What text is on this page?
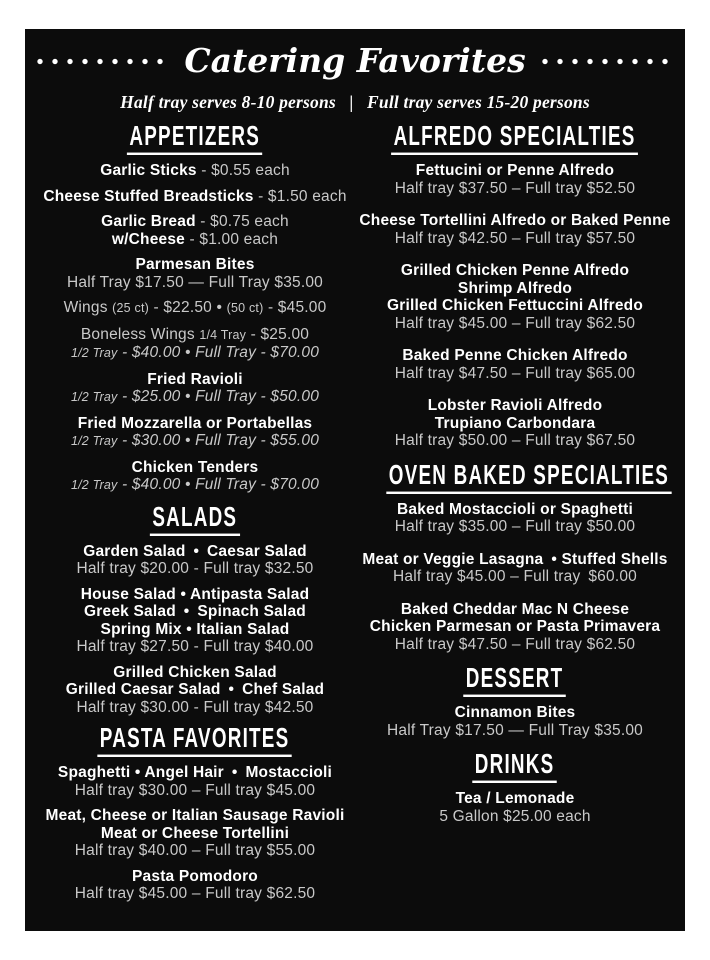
Catering Favorites
Half tray serves 8-10 persons  |  Full tray serves 15-20 persons
APPETIZERS
Garlic Sticks - $0.55 each
Cheese Stuffed Breadsticks - $1.50 each
Garlic Bread - $0.75 each
w/Cheese - $1.00 each
Parmesan Bites
Half Tray $17.50 — Full Tray $35.00
Wings (25 ct) - $22.50 • (50 ct) - $45.00
Boneless Wings 1/4 Tray - $25.00
1/2 Tray - $40.00 • Full Tray - $70.00
Fried Ravioli
1/2 Tray - $25.00 • Full Tray - $50.00
Fried Mozzarella or Portabellas
1/2 Tray - $30.00 • Full Tray - $55.00
Chicken Tenders
1/2 Tray - $40.00 • Full Tray - $70.00
SALADS
Garden Salad • Caesar Salad
Half tray $20.00 - Full tray $32.50
House Salad • Antipasta Salad
Greek Salad • Spinach Salad
Spring Mix • Italian Salad
Half tray $27.50 - Full tray $40.00
Grilled Chicken Salad
Grilled Caesar Salad • Chef Salad
Half tray $30.00 - Full tray $42.50
PASTA FAVORITES
Spaghetti • Angel Hair • Mostaccioli
Half tray $30.00 – Full tray $45.00
Meat, Cheese or Italian Sausage Ravioli
Meat or Cheese Tortellini
Half tray $40.00 – Full tray $55.00
Pasta Pomodoro
Half tray $45.00 – Full tray $62.50
ALFREDO SPECIALTIES
Fettucini or Penne Alfredo
Half tray $37.50 – Full tray $52.50
Cheese Tortellini Alfredo or Baked Penne
Half tray $42.50 – Full tray $57.50
Grilled Chicken Penne Alfredo
Shrimp Alfredo
Grilled Chicken Fettuccini Alfredo
Half tray $45.00 – Full tray $62.50
Baked Penne Chicken Alfredo
Half tray $47.50 – Full tray $65.00
Lobster Ravioli Alfredo
Trupiano Carbondara
Half tray $50.00 – Full tray $67.50
OVEN BAKED SPECIALTIES
Baked Mostaccioli or Spaghetti
Half tray $35.00 – Full tray $50.00
Meat or Veggie Lasagna • Stuffed Shells
Half tray $45.00 – Full tray $60.00
Baked Cheddar Mac N Cheese
Chicken Parmesan or Pasta Primavera
Half tray $47.50 – Full tray $62.50
DESSERT
Cinnamon Bites
Half Tray $17.50 — Full Tray $35.00
DRINKS
Tea / Lemonade
5 Gallon $25.00 each
